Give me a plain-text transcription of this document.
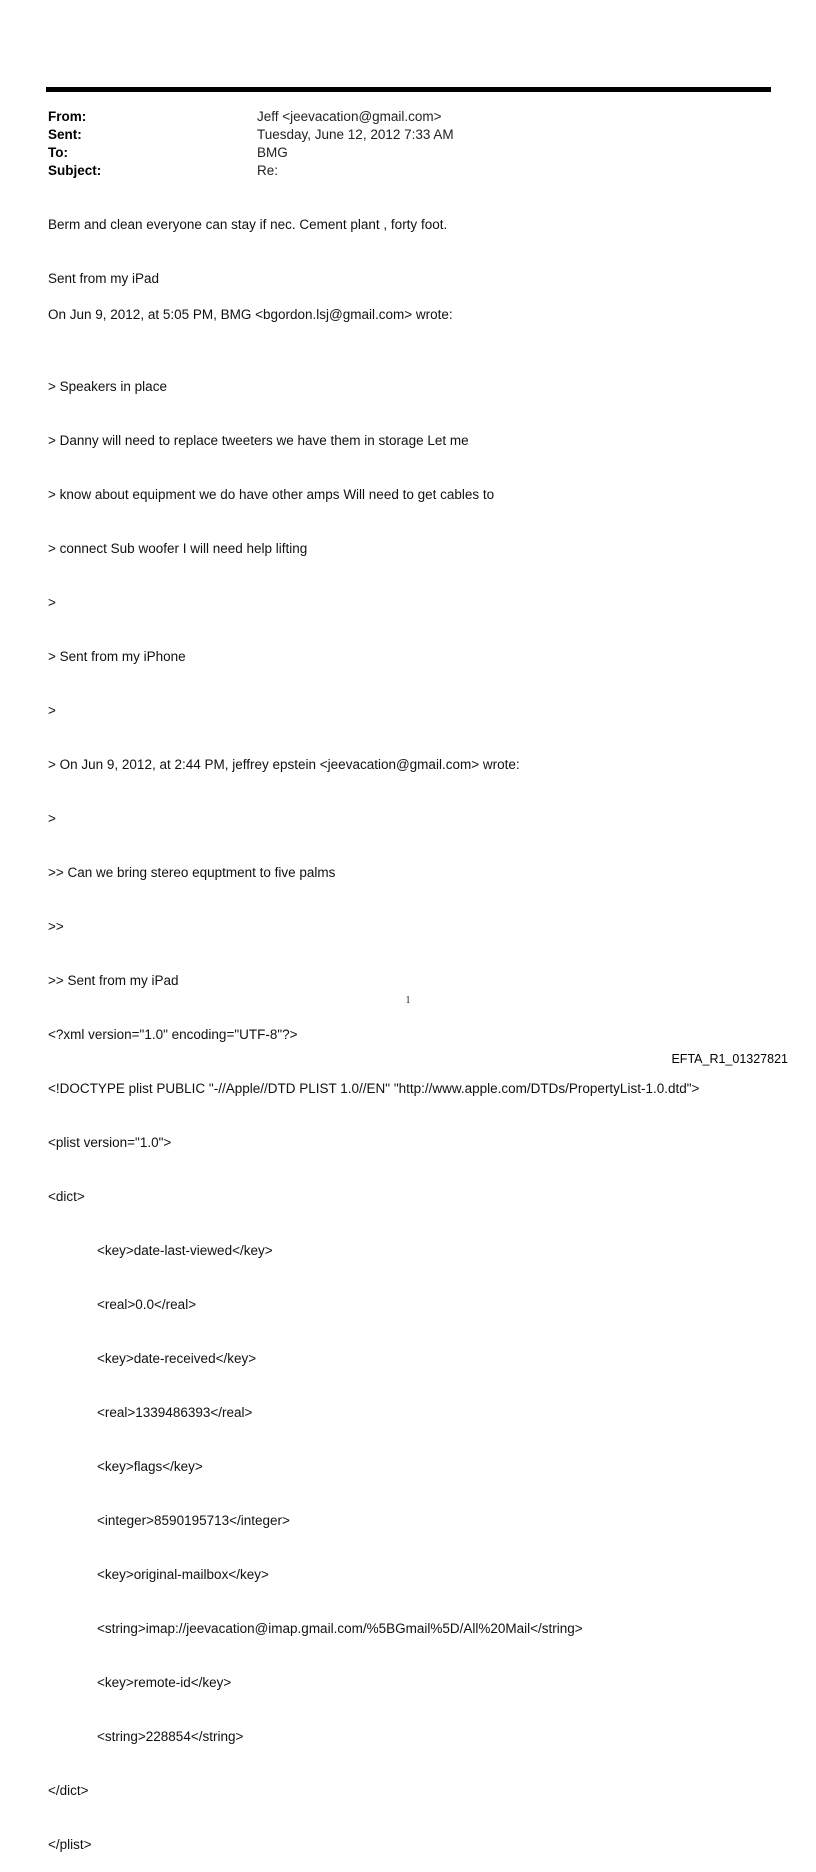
From:	Jeff <jeevacation@gmail.com>
Sent:	Tuesday, June 12, 2012 7:33 AM
To:	BMG
Subject:	Re:
Berm and clean everyone can stay if nec. Cement plant , forty foot.
Sent from my iPad
On Jun 9, 2012, at 5:05 PM, BMG <bgordon.lsj@gmail.com> wrote:

> Speakers in place

> Danny will need to replace tweeters we have them in storage Let me

> know about equipment we do have other amps Will need to get cables to

> connect Sub woofer I will need help lifting

>

> Sent from my iPhone

>

> On Jun 9, 2012, at 2:44 PM, jeffrey epstein <jeevacation@gmail.com> wrote:

>

>> Can we bring stereo equptment to five palms

>>

>> Sent from my iPad

<?xml version="1.0" encoding="UTF-8"?>

<!DOCTYPE plist PUBLIC "-//Apple//DTD PLIST 1.0//EN" "http://www.apple.com/DTDs/PropertyList-1.0.dtd">

<plist version="1.0">

<dict>

<key>date-last-viewed</key>

<real>0.0</real>

<key>date-received</key>

<real>1339486393</real>

<key>flags</key>

<integer>8590195713</integer>

<key>original-mailbox</key>

<string>imap://jeevacation@imap.gmail.com/%5BGmail%5D/All%20Mail</string>

<key>remote-id</key>

<string>228854</string>

</dict>

</plist>

1
EFTA_R1_01327821
